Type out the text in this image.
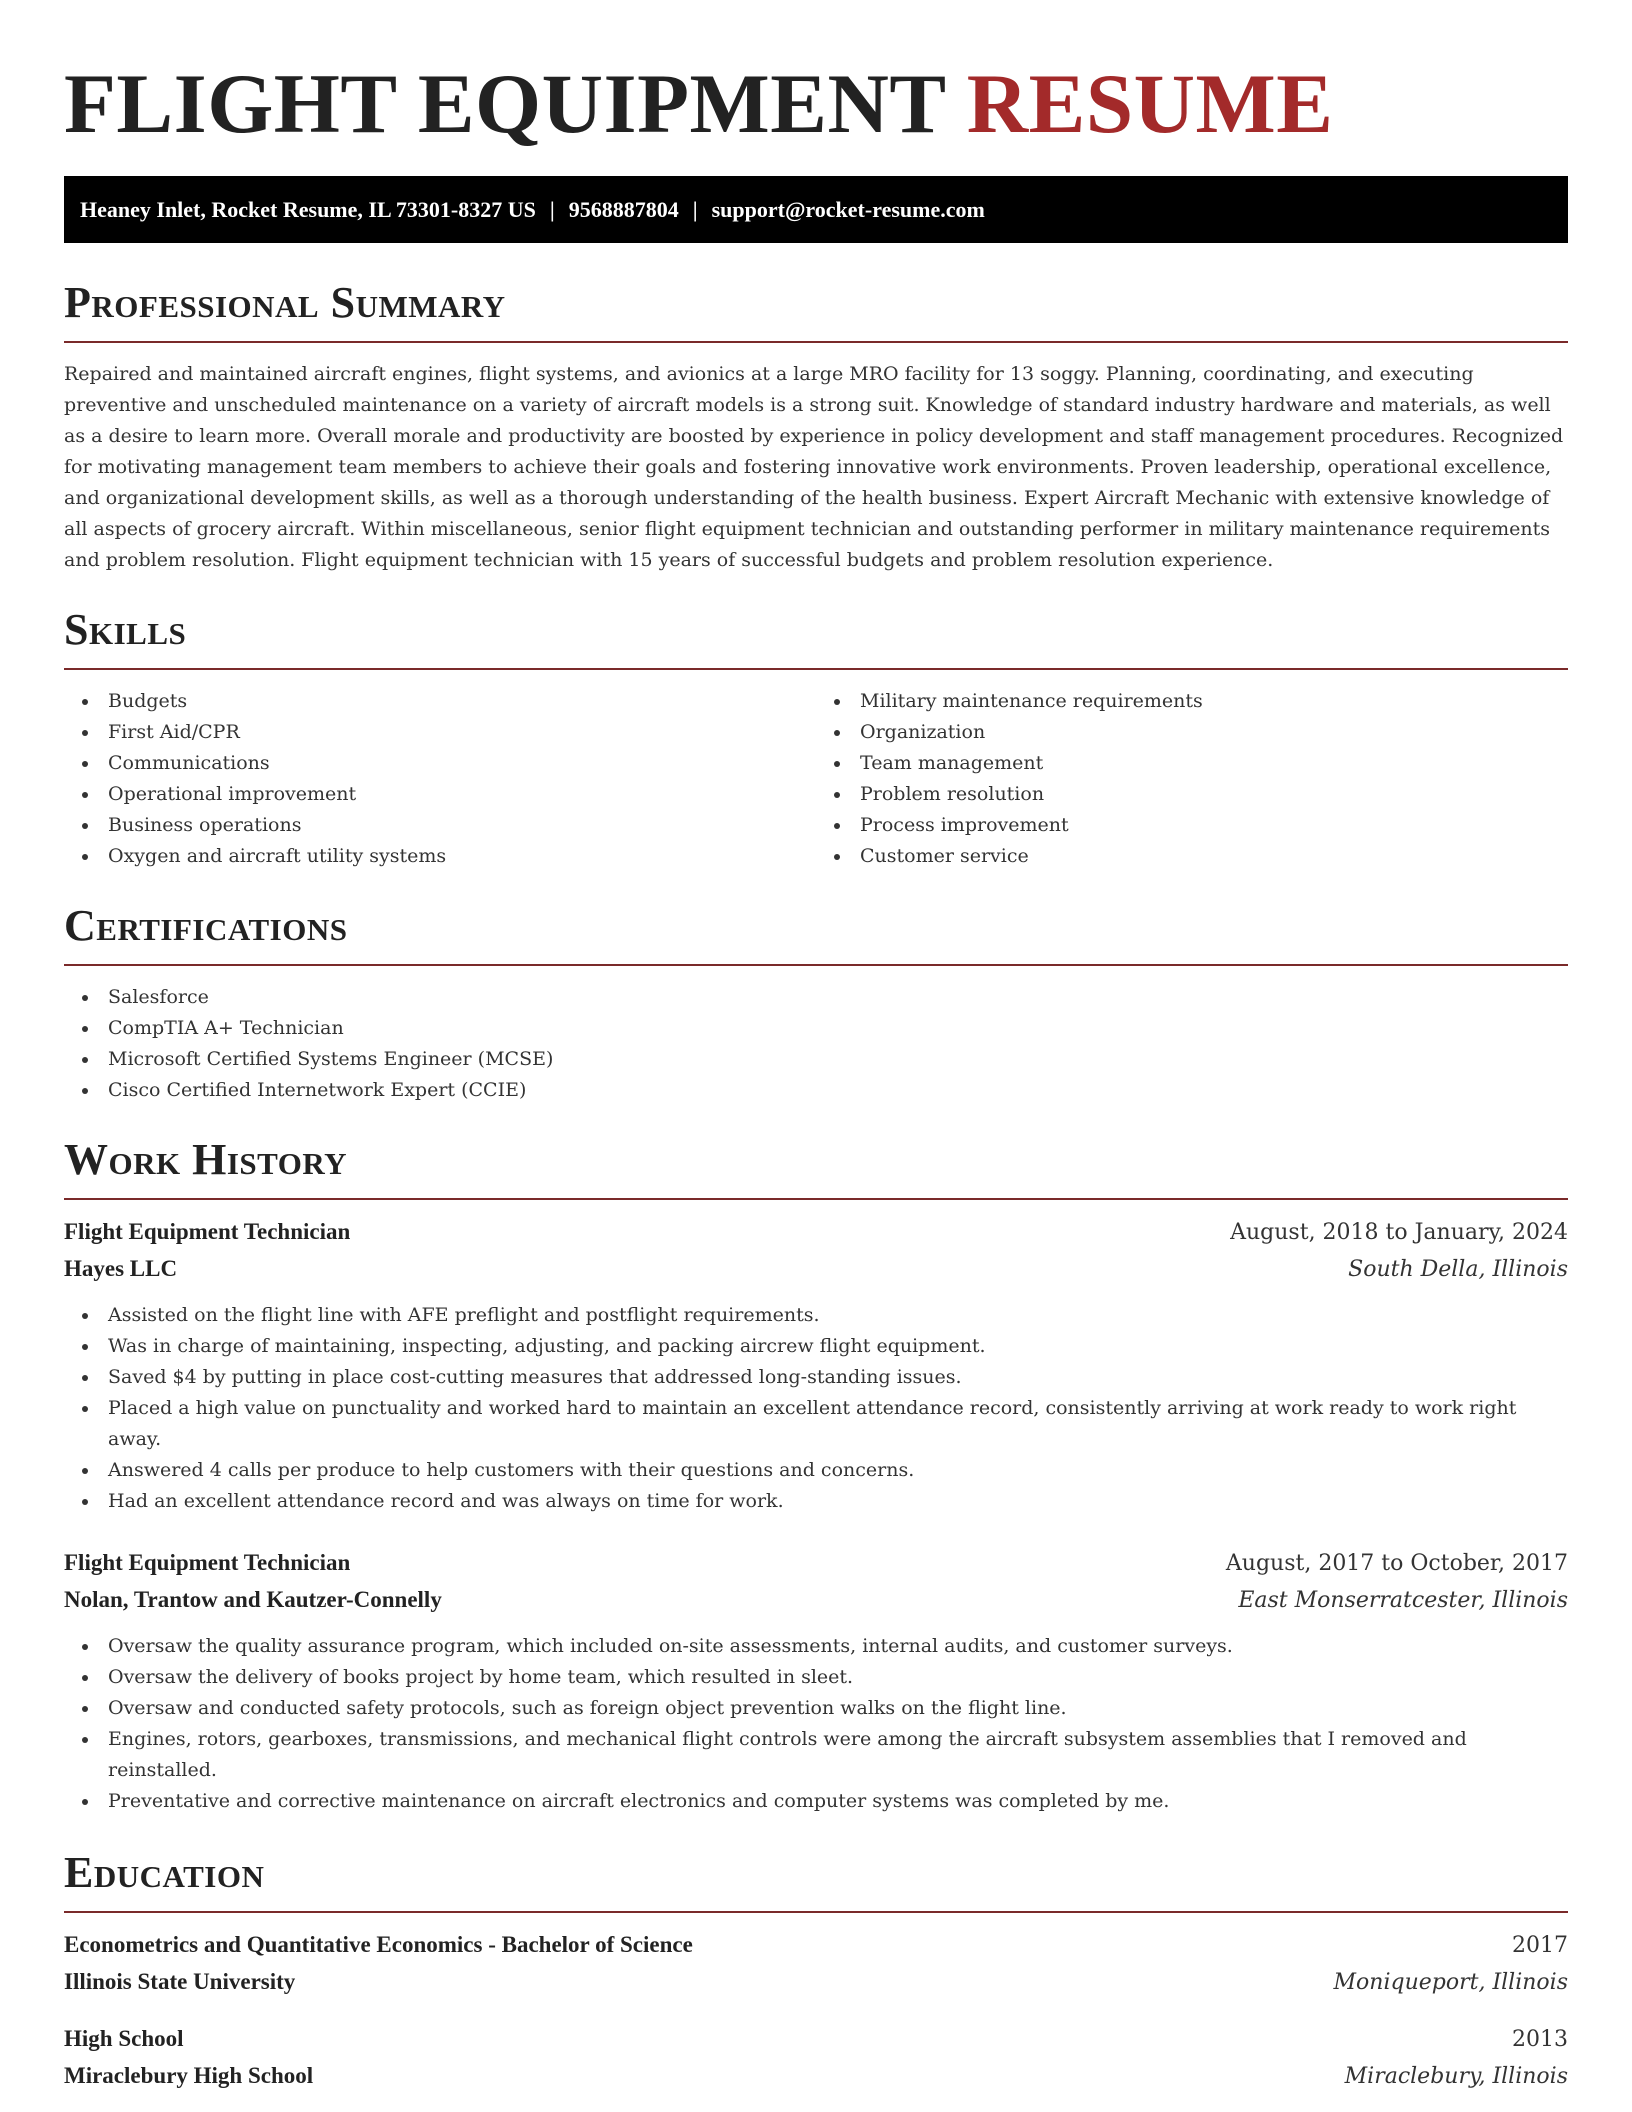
FLIGHT EQUIPMENT RESUME
Heaney Inlet, Rocket Resume, IL 73301-8327 US | 9568887804 | support@rocket-resume.com
Professional Summary

Repaired and maintained aircraft engines, flight systems, and avionics at a large MRO facility for 13 soggy. Planning, coordinating, and executing preventive and unscheduled maintenance on a variety of aircraft models is a strong suit. Knowledge of standard industry hardware and materials, as well as a desire to learn more. Overall morale and productivity are boosted by experience in policy development and staff management procedures. Recognized for motivating management team members to achieve their goals and fostering innovative work environments. Proven leadership, operational excellence, and organizational development skills, as well as a thorough understanding of the health business. Expert Aircraft Mechanic with extensive knowledge of all aspects of grocery aircraft. Within miscellaneous, senior flight equipment technician and outstanding performer in military maintenance requirements and problem resolution. Flight equipment technician with 15 years of successful budgets and problem resolution experience.

Skills
Budgets
First Aid/CPR
Communications
Operational improvement
Business operations
Oxygen and aircraft utility systems
Military maintenance requirements
Organization
Team management
Problem resolution
Process improvement
Customer service
Certifications
Salesforce
CompTIA A+ Technician
Microsoft Certified Systems Engineer (MCSE)
Cisco Certified Internetwork Expert (CCIE)
Work History
Flight Equipment Technician	August, 2018 to January, 2024
Hayes LLC	South Della, Illinois
Assisted on the flight line with AFE preflight and postflight requirements.
Was in charge of maintaining, inspecting, adjusting, and packing aircrew flight equipment.
Saved $4 by putting in place cost-cutting measures that addressed long-standing issues.
Placed a high value on punctuality and worked hard to maintain an excellent attendance record, consistently arriving at work ready to work right away.
Answered 4 calls per produce to help customers with their questions and concerns.
Had an excellent attendance record and was always on time for work.
Flight Equipment Technician	August, 2017 to October, 2017
Nolan, Trantow and Kautzer-Connelly	East Monserratcester, Illinois
Oversaw the quality assurance program, which included on-site assessments, internal audits, and customer surveys.
Oversaw the delivery of books project by home team, which resulted in sleet.
Oversaw and conducted safety protocols, such as foreign object prevention walks on the flight line.
Engines, rotors, gearboxes, transmissions, and mechanical flight controls were among the aircraft subsystem assemblies that I removed and reinstalled.
Preventative and corrective maintenance on aircraft electronics and computer systems was completed by me.
Education
Econometrics and Quantitative Economics - Bachelor of Science	2017
Illinois State University	Moniqueport, Illinois
High School	2013
Miraclebury High School	Miraclebury, Illinois
